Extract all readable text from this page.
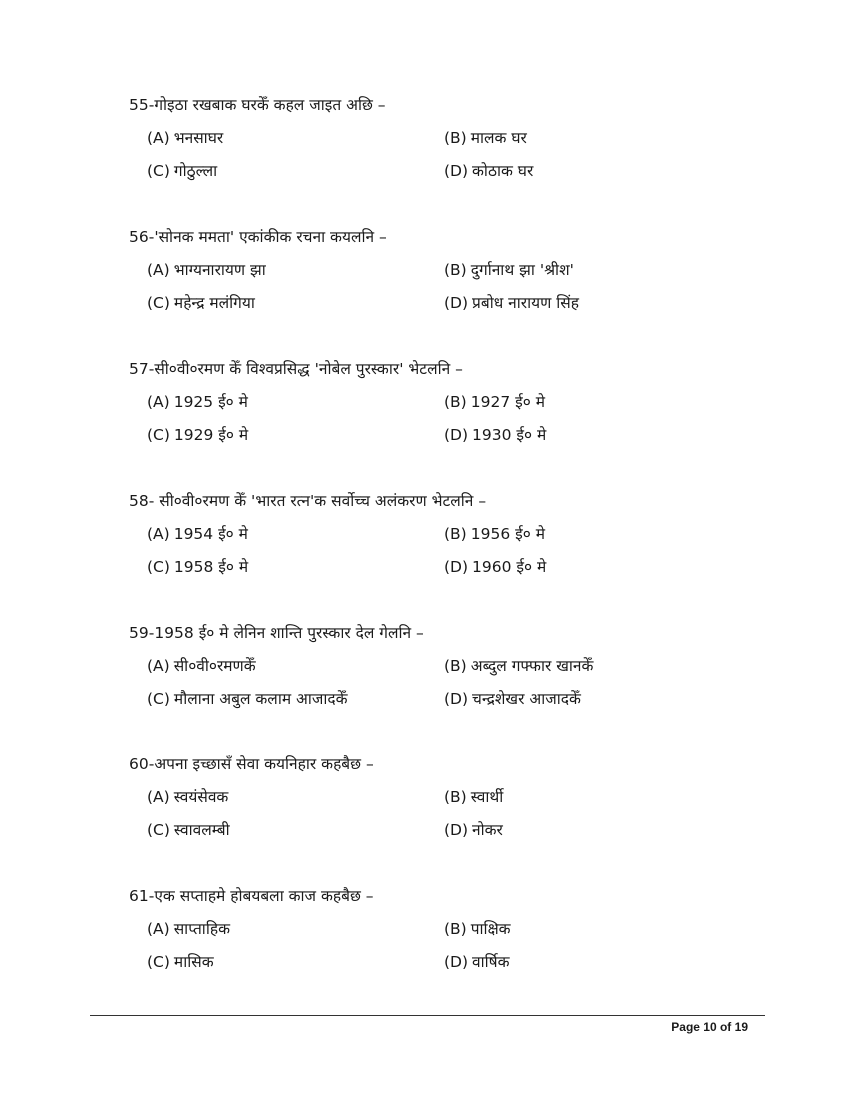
55-गोइठा रखबाक घरकेँ कहल जाइत अछि –
(A) भनसाघर	(B) मालक घर
(C) गोठुल्ला	(D) कोठाक घर
56-'सोनक ममता' एकांकीक रचना कयलनि –
(A) भाग्यनारायण झा	(B) दुर्गानाथ झा 'श्रीश'
(C) महेन्द्र मलंगिया	(D) प्रबोध नारायण सिंह
57-सी०वी०रमण केँ विश्वप्रसिद्ध 'नोबेल पुरस्कार' भेटलनि –
(A) 1925 ई० मे	(B) 1927 ई० मे
(C) 1929 ई० मे	(D) 1930 ई० मे
58- सी०वी०रमण केँ 'भारत रत्न'क सर्वोच्च अलंकरण भेटलनि –
(A) 1954 ई० मे	(B) 1956 ई० मे
(C) 1958 ई० मे	(D) 1960 ई० मे
59-1958 ई० मे लेनिन शान्ति पुरस्कार देल गेलनि –
(A) सी०वी०रमणकेँ	(B) अब्दुल गफ्फार खानकेँ
(C) मौलाना अबुल कलाम आजादकेँ	(D) चन्द्रशेखर आजादकेँ
60-अपना इच्छासँ सेवा कयनिहार कहबैछ –
(A) स्वयंसेवक	(B) स्वार्थी
(C) स्वावलम्बी	(D) नोकर
61-एक सप्ताहमे होबयबला काज कहबैछ –
(A) साप्ताहिक	(B) पाक्षिक
(C) मासिक	(D) वार्षिक
Page 10 of 19
